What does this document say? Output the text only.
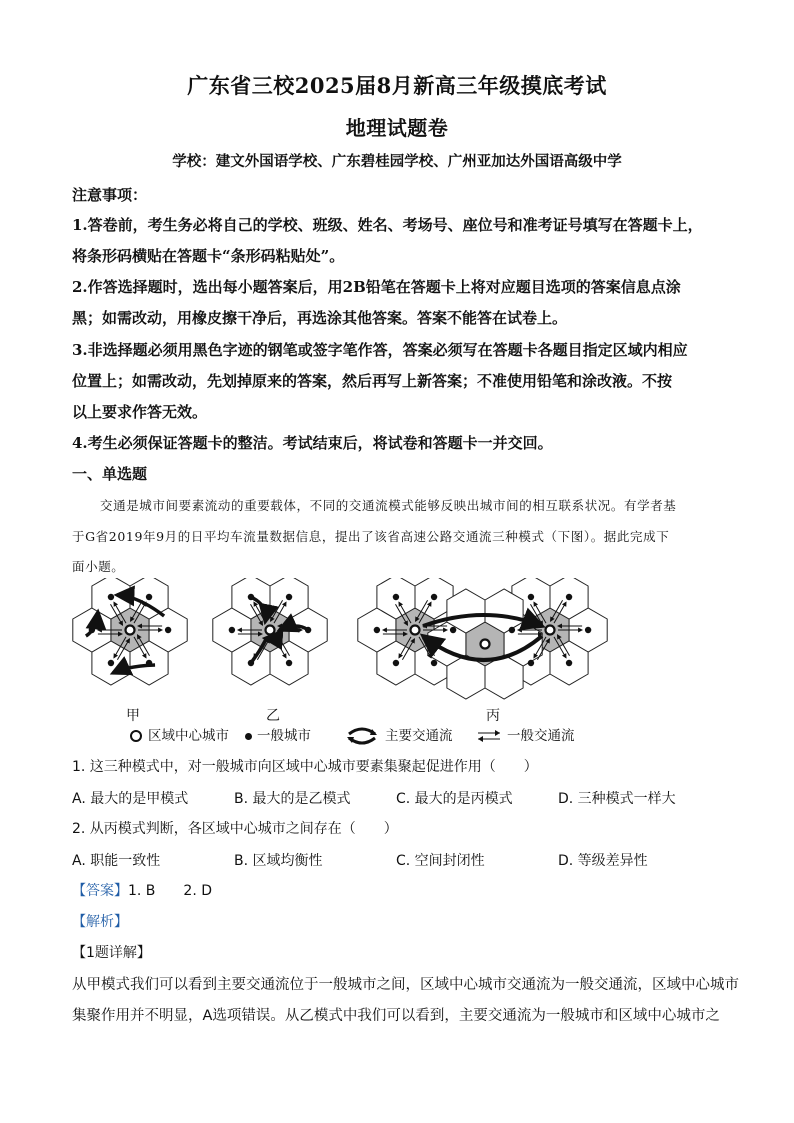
广东省三校2025届8月新高三年级摸底考试
地理试题卷
学校：建文外国语学校、广东碧桂园学校、广州亚加达外国语高级中学
注意事项：
1.答卷前，考生务必将自己的学校、班级、姓名、考场号、座位号和准考证号填写在答题卡上，
将条形码横贴在答题卡“条形码粘贴处”。
2.作答选择题时，选出每小题答案后，用2B铅笔在答题卡上将对应题目选项的答案信息点涂
黑；如需改动，用橡皮擦干净后，再选涂其他答案。答案不能答在试卷上。
3.非选择题必须用黑色字迹的钢笔或签字笔作答，答案必须写在答题卡各题目指定区域内相应
位置上；如需改动，先划掉原来的答案，然后再写上新答案；不准使用铅笔和涂改液。不按
以上要求作答无效。
4.考生必须保证答题卡的整洁。考试结束后，将试卷和答题卡一并交回。
一、单选题
交通是城市间要素流动的重要载体，不同的交通流模式能够反映出城市间的相互联系状况。有学者基
于G省2019年9月的日平均车流量数据信息，提出了该省高速公路交通流三种模式（下图）。据此完成下
面小题。
甲	乙	丙
区域中心城市	一般城市	主要交通流	一般交通流
1. 这三种模式中，对一般城市向区域中心城市要素集聚起促进作用（　　）
A. 最大的是甲模式	B. 最大的是乙模式	C. 最大的是丙模式	D. 三种模式一样大
2. 从丙模式判断，各区域中心城市之间存在（　　）
A. 职能一致性	B. 区域均衡性	C. 空间封闭性	D. 等级差异性
【答案】1. B　　2. D
【解析】
【1题详解】
从甲模式我们可以看到主要交通流位于一般城市之间，区域中心城市交通流为一般交通流，区域中心城市
集聚作用并不明显，A选项错误。从乙模式中我们可以看到，主要交通流为一般城市和区域中心城市之
